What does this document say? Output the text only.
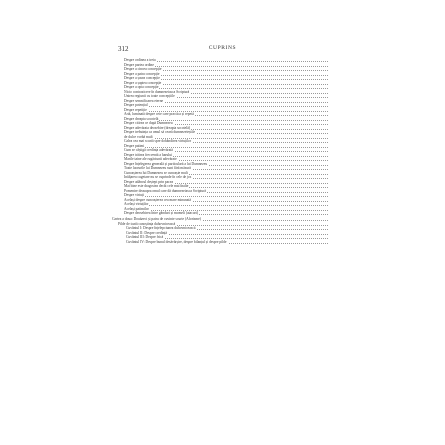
312	CUPRINS
Despre ordinea a treia
Despre partea ordine
Despre a cincea concepție
Despre a patra concepție
Despre a șasea concepție
Despre a șaptea concepție
Despre a opta concepție
Nicio contrazicere în dumnezeiasca Scriptură
Unirea regiunii cu toate concepțiile
Despre semnificarea eterne
Despre potențial
Despre repetiție
Artă, luminată despre ceie care practica și repetă
Despre dreapta socotelă
Despre citirea ce după Dumnezeu
Despre adevărata deosebire (dreapta socotelă)
Despre trebuința ca omul să ceară dumnezeieștile
de dulce vorbă mult
Calea cea mai scurtă spre dobândirea virtuților
Despre patimi
Cum se câștigă credința adevărată
Despre trăirea frecventă a harului
Marile taine ale rugăciunii adevărate
Despre înțelegerea generală și particulară a lui Dumnezeu
Toate lucrurile lui Dumnezeu sunt fără măsură
Cunoașterea lui Dumnezeu se cunoaște mult
Înălțarea cugetare nu se cuprinde în cele de jos
Despre adâncul deștept prin pacea
Mai bine este dragostea decât cele mai înalte
Pomenire deasupra omul care dă dumnezeiasca Scriptură
Despre virtuți
Același despre cunoașterea cea mare minunată
Același virtuților
Același patimilor
Despre deosebirea între gânduri și momeli (atacuri)
Cartea a doua: Douăzeci și patru de cuvinte scurte (Aforisme)
Pilde de toată cunoștința duhovnicească
Cuvântul I: Despre înțelepciunea duhovnicească
Cuvântul II: Despre credință
Cuvântul III: Despre frică
Cuvântul IV: Despre bunul desăvârșire, despre bilanțul și despre pilde
